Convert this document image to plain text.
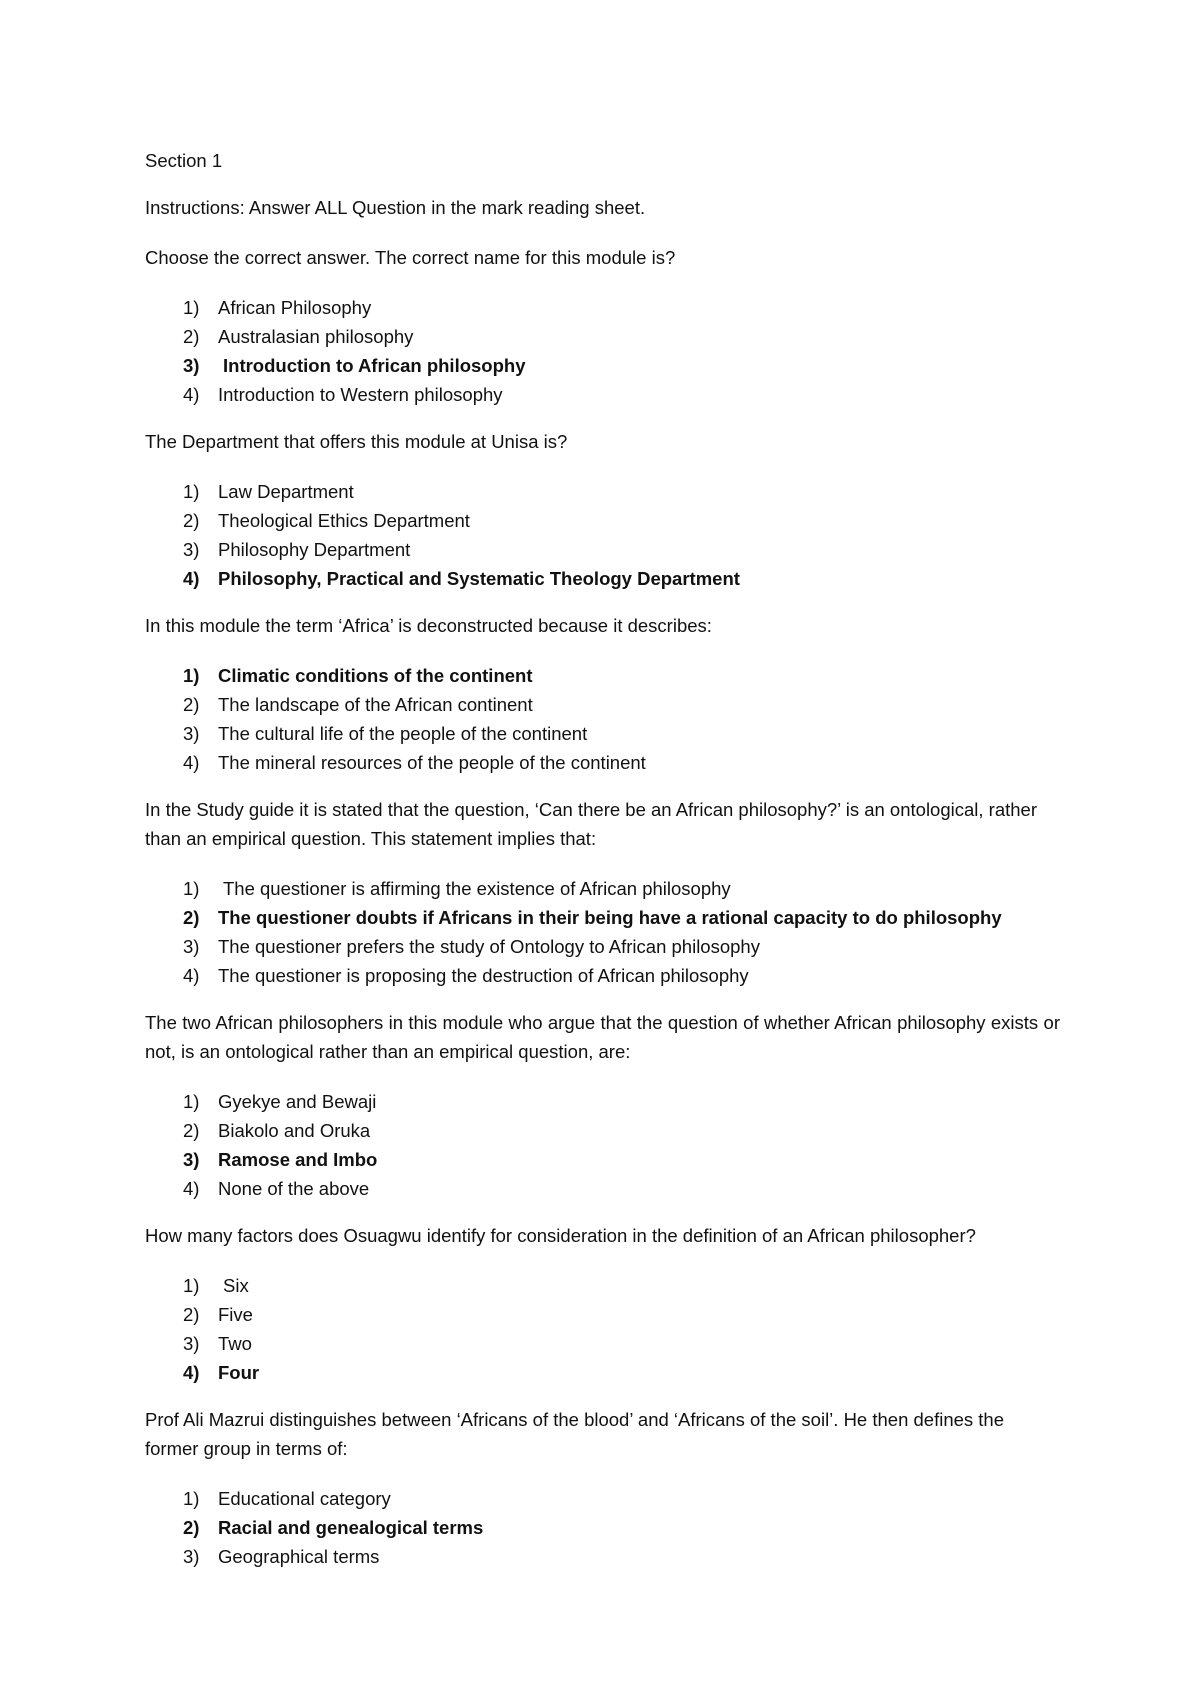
Section 1
Instructions: Answer ALL Question in the mark reading sheet.
Choose the correct answer. The correct name for this module is?
1) African Philosophy
2) Australasian philosophy
3) Introduction to African philosophy
4) Introduction to Western philosophy
The Department that offers this module at Unisa is?
1) Law Department
2) Theological Ethics Department
3) Philosophy Department
4) Philosophy, Practical and Systematic Theology Department
In this module the term ‘Africa’ is deconstructed because it describes:
1) Climatic conditions of the continent
2) The landscape of the African continent
3) The cultural life of the people of the continent
4) The mineral resources of the people of the continent
In the Study guide it is stated that the question, ‘Can there be an African philosophy?’ is an ontological, rather than an empirical question. This statement implies that:
1) The questioner is affirming the existence of African philosophy
2) The questioner doubts if Africans in their being have a rational capacity to do philosophy
3) The questioner prefers the study of Ontology to African philosophy
4) The questioner is proposing the destruction of African philosophy
The two African philosophers in this module who argue that the question of whether African philosophy exists or not, is an ontological rather than an empirical question, are:
1) Gyekye and Bewaji
2) Biakolo and Oruka
3) Ramose and Imbo
4) None of the above
How many factors does Osuagwu identify for consideration in the definition of an African philosopher?
1) Six
2) Five
3) Two
4) Four
Prof Ali Mazrui distinguishes between ‘Africans of the blood’ and ‘Africans of the soil’. He then defines the former group in terms of:
1) Educational category
2) Racial and genealogical terms
3) Geographical terms
